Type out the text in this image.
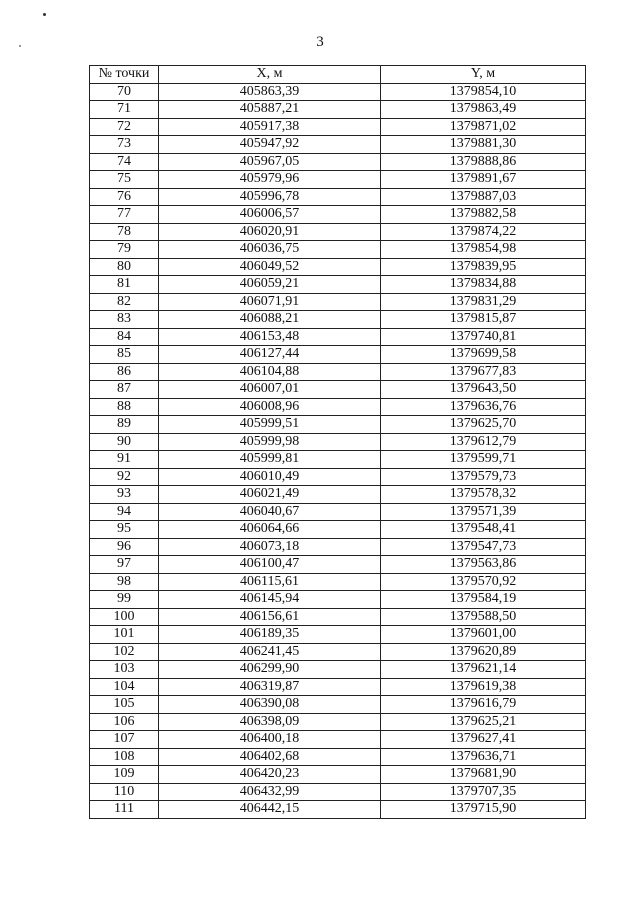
3
№ точки	X, м	Y, м
70	405863,39	1379854,10
71	405887,21	1379863,49
72	405917,38	1379871,02
73	405947,92	1379881,30
74	405967,05	1379888,86
75	405979,96	1379891,67
76	405996,78	1379887,03
77	406006,57	1379882,58
78	406020,91	1379874,22
79	406036,75	1379854,98
80	406049,52	1379839,95
81	406059,21	1379834,88
82	406071,91	1379831,29
83	406088,21	1379815,87
84	406153,48	1379740,81
85	406127,44	1379699,58
86	406104,88	1379677,83
87	406007,01	1379643,50
88	406008,96	1379636,76
89	405999,51	1379625,70
90	405999,98	1379612,79
91	405999,81	1379599,71
92	406010,49	1379579,73
93	406021,49	1379578,32
94	406040,67	1379571,39
95	406064,66	1379548,41
96	406073,18	1379547,73
97	406100,47	1379563,86
98	406115,61	1379570,92
99	406145,94	1379584,19
100	406156,61	1379588,50
101	406189,35	1379601,00
102	406241,45	1379620,89
103	406299,90	1379621,14
104	406319,87	1379619,38
105	406390,08	1379616,79
106	406398,09	1379625,21
107	406400,18	1379627,41
108	406402,68	1379636,71
109	406420,23	1379681,90
110	406432,99	1379707,35
111	406442,15	1379715,90
